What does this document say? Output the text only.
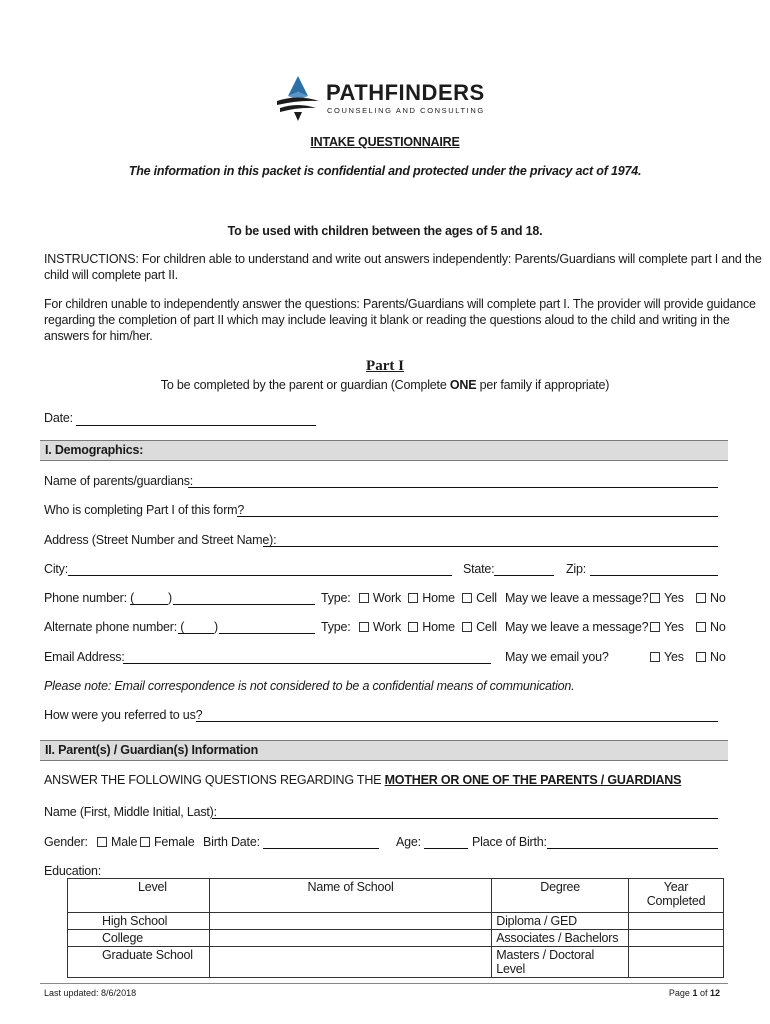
PATHFINDERS
COUNSELING AND CONSULTING
INTAKE QUESTIONNAIRE
The information in this packet is confidential and protected under the privacy act of 1974.
To be used with children between the ages of 5 and 18.
INSTRUCTIONS: For children able to understand and write out answers independently: Parents/Guardians will complete part I and the
child will complete part II.
For children unable to independently answer the questions: Parents/Guardians will complete part I. The provider will provide guidance
regarding the completion of part II which may include leaving it blank or reading the questions aloud to the child and writing in the
answers for him/her.
Part I
To be completed by the parent or guardian (Complete ONE per family if appropriate)
Date:
I. Demographics:
Name of parents/guardians:
Who is completing Part I of this form?
Address (Street Number and Street Name):
City:	State:	Zip:
Phone number: (	)	Type: Work Home Cell May we leave a message?	Yes	No
Alternate phone number: ( )	Type: Work Home Cell May we leave a message?	Yes	No
Email Address:	May we email you?	Yes	No
Please note: Email correspondence is not considered to be a confidential means of communication.
How were you referred to us?
II. Parent(s) / Guardian(s) Information
ANSWER THE FOLLOWING QUESTIONS REGARDING THE MOTHER OR ONE OF THE PARENTS / GUARDIANS
Name (First, Middle Initial, Last):
Gender:	Male	Female Birth Date:	Age:	Place of Birth:
Education:
Level	Name of School	Degree	Year
Completed

High School		Diploma / GED	
College		Associates / Bachelors	
Graduate School		Masters / Doctoral Level	
Last updated: 8/6/2018	Page 1 of 12
